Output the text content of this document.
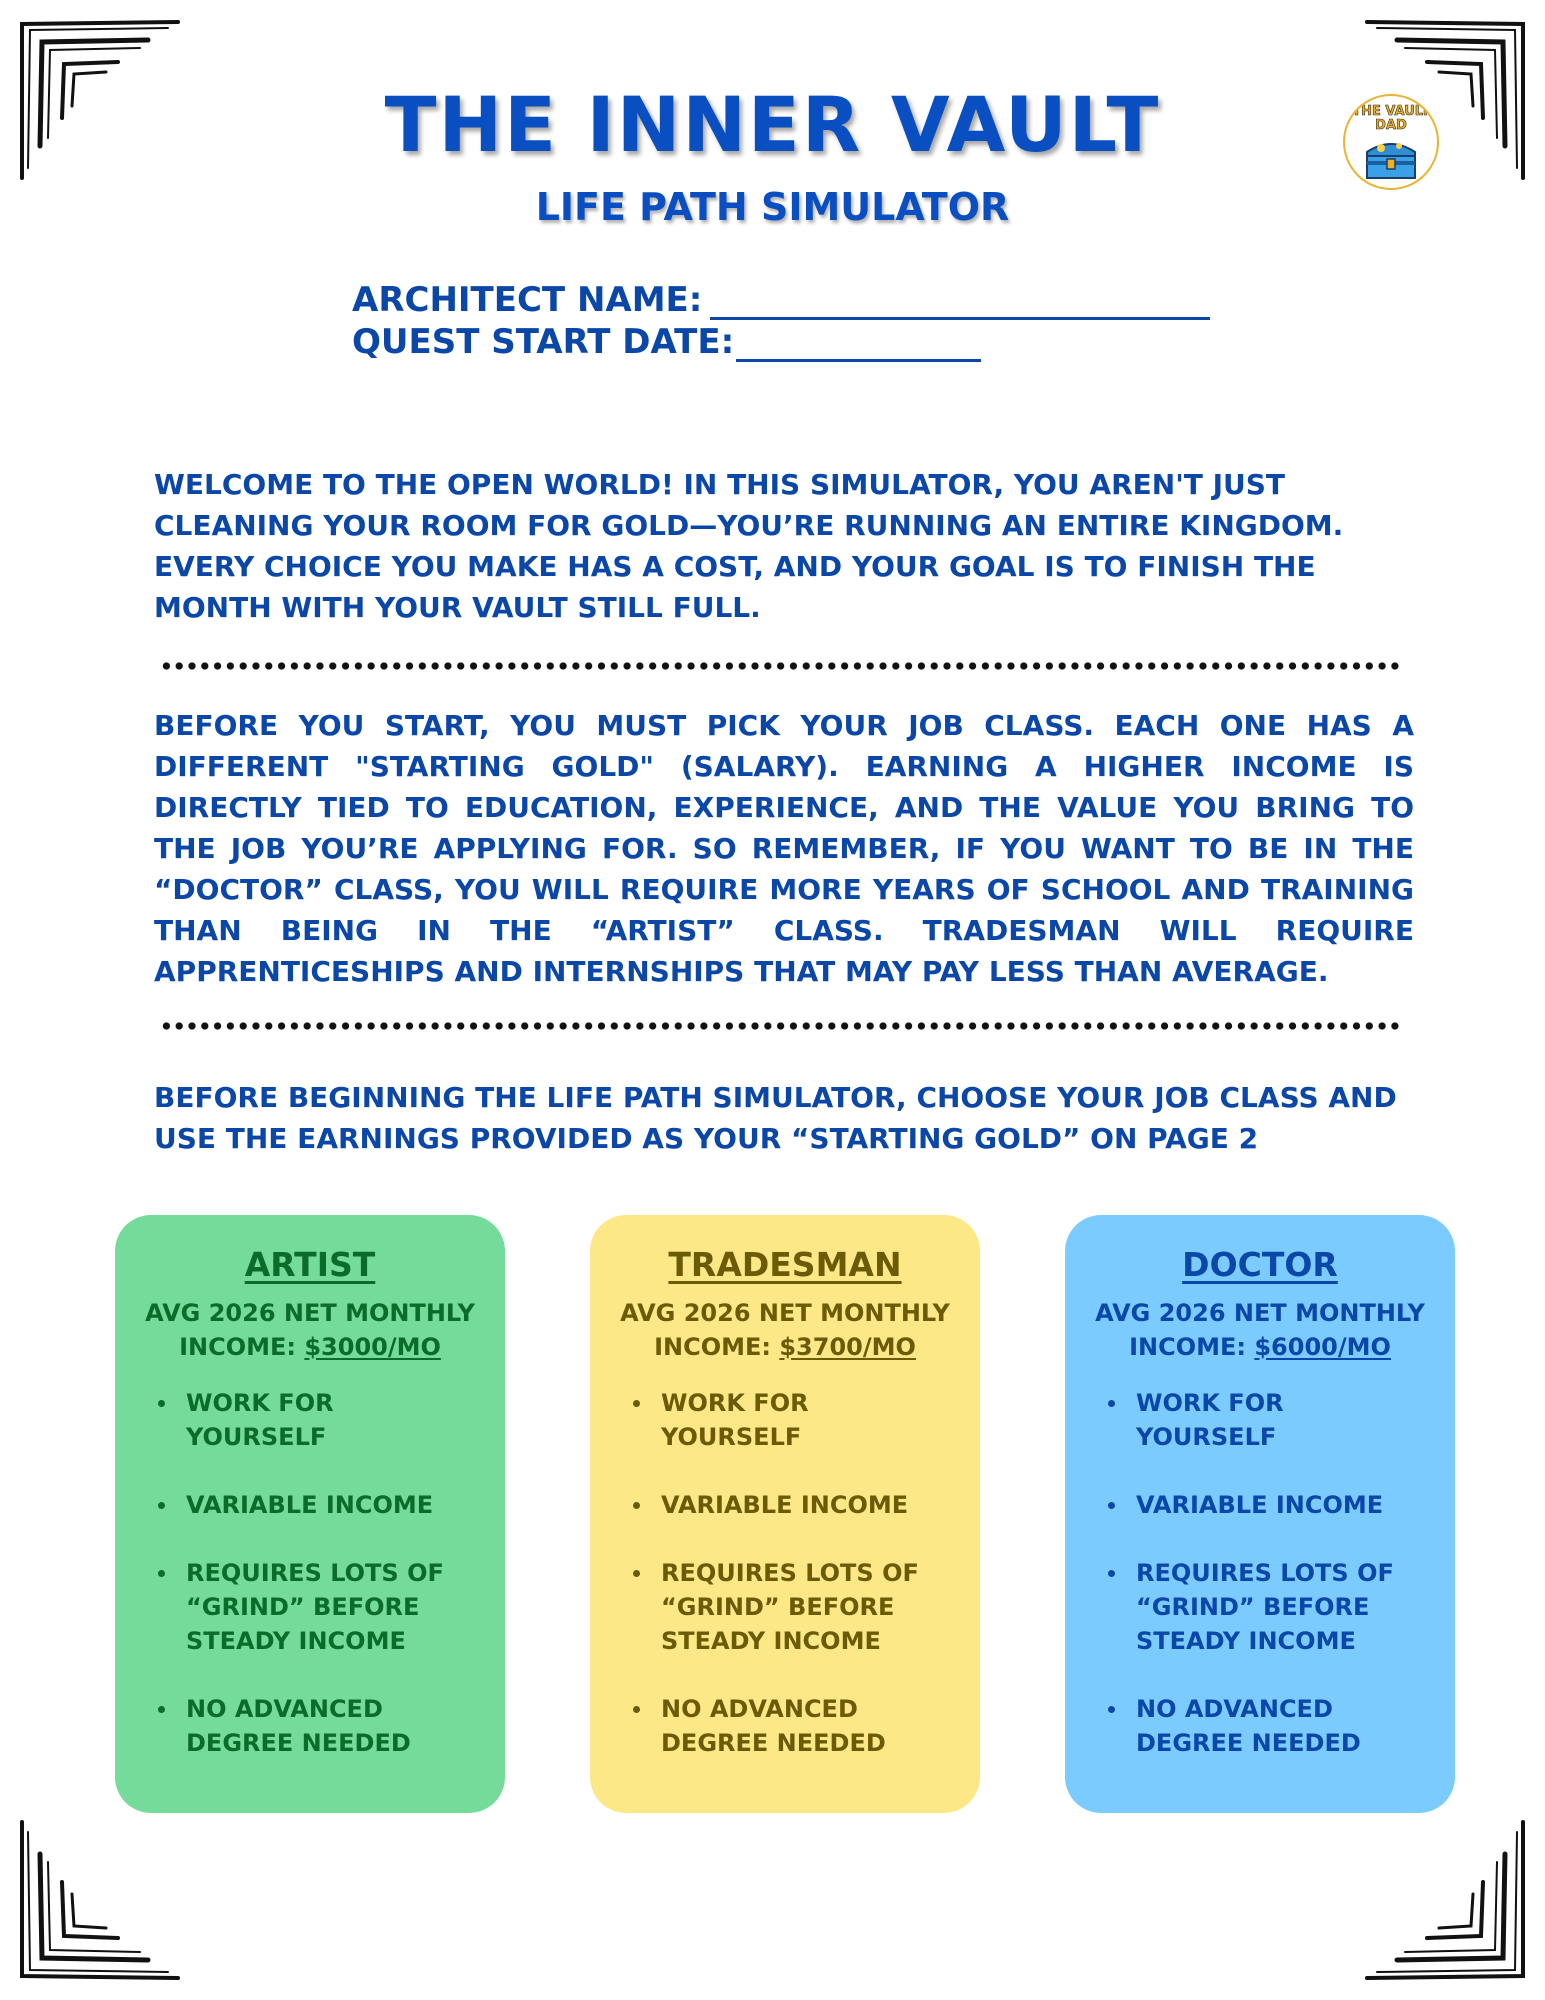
THE VAULT
DAD
THE INNER VAULT
LIFE PATH SIMULATOR
ARCHITECT NAME:
QUEST START DATE:
WELCOME TO THE OPEN WORLD! IN THIS SIMULATOR, YOU AREN'T JUST CLEANING YOUR ROOM FOR GOLD—YOU’RE RUNNING AN ENTIRE KINGDOM. EVERY CHOICE YOU MAKE HAS A COST, AND YOUR GOAL IS TO FINISH THE MONTH WITH YOUR VAULT STILL FULL.
BEFORE YOU START, YOU MUST PICK YOUR JOB CLASS. EACH ONE HAS A DIFFERENT "STARTING GOLD" (SALARY). EARNING A HIGHER INCOME IS DIRECTLY TIED TO EDUCATION, EXPERIENCE, AND THE VALUE YOU BRING TO THE JOB YOU’RE APPLYING FOR. SO REMEMBER, IF YOU WANT TO BE IN THE “DOCTOR” CLASS, YOU WILL REQUIRE MORE YEARS OF SCHOOL AND TRAINING THAN BEING IN THE “ARTIST” CLASS. TRADESMAN WILL REQUIRE APPRENTICESHIPS AND INTERNSHIPS THAT MAY PAY LESS THAN AVERAGE.
BEFORE BEGINNING THE LIFE PATH SIMULATOR, CHOOSE YOUR JOB CLASS AND USE THE EARNINGS PROVIDED AS YOUR “STARTING GOLD” ON PAGE 2
ARTIST
AVG 2026 NET MONTHLY INCOME: $3000/MO
WORK FOR YOURSELF
VARIABLE INCOME
REQUIRES LOTS OF “GRIND” BEFORE STEADY INCOME
NO ADVANCED DEGREE NEEDED
TRADESMAN
AVG 2026 NET MONTHLY INCOME: $3700/MO
WORK FOR YOURSELF
VARIABLE INCOME
REQUIRES LOTS OF “GRIND” BEFORE STEADY INCOME
NO ADVANCED DEGREE NEEDED
DOCTOR
AVG 2026 NET MONTHLY INCOME: $6000/MO
WORK FOR YOURSELF
VARIABLE INCOME
REQUIRES LOTS OF “GRIND” BEFORE STEADY INCOME
NO ADVANCED DEGREE NEEDED
